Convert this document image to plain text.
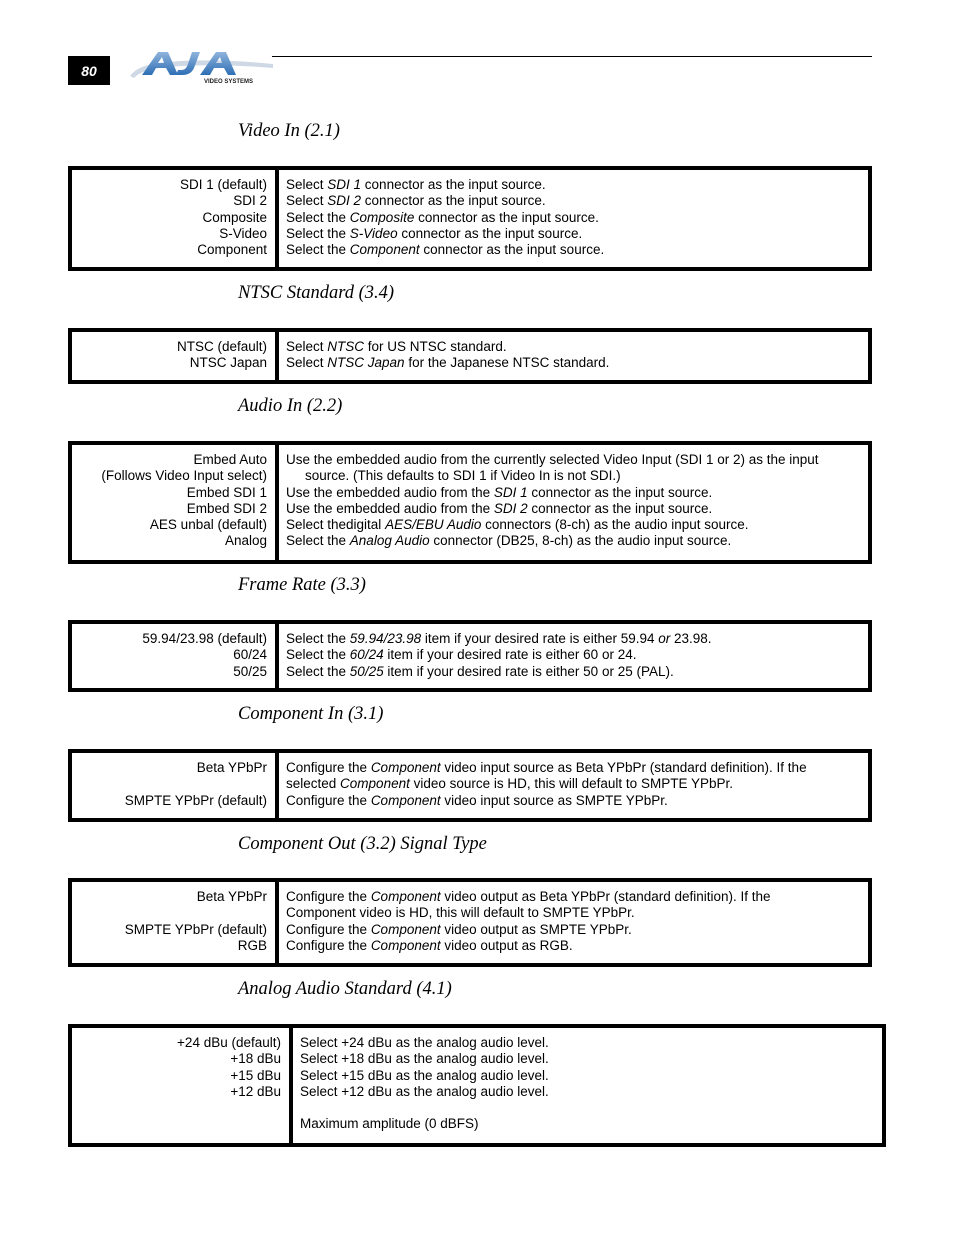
80
VIDEO SYSTEMS
Video In (2.1)
SDI 1 (default)
SDI 2
Composite
S-Video
Component
Select SDI 1 connector as the input source.
Select SDI 2 connector as the input source.
Select the Composite connector as the input source.
Select the S-Video connector as the input source.
Select the Component connector as the input source.
NTSC Standard (3.4)
NTSC (default)
NTSC Japan
Select NTSC for US NTSC standard.
Select NTSC Japan for the Japanese NTSC standard.
Audio In (2.2)
Embed Auto
(Follows Video Input select)
Embed SDI 1
Embed SDI 2
AES unbal (default)
Analog
Use the embedded audio from the currently selected Video Input (SDI 1 or 2) as the input
source. (This defaults to SDI 1 if Video In is not SDI.)
Use the embedded audio from the SDI 1 connector as the input source.
Use the embedded audio from the SDI 2 connector as the input source.
Select thedigital AES/EBU Audio connectors (8-ch) as the audio input source.
Select the Analog Audio connector (DB25, 8-ch) as the audio input source.
Frame Rate (3.3)
59.94/23.98 (default)
60/24
50/25
Select the 59.94/23.98 item if your desired rate is either 59.94 or 23.98.
Select the 60/24 item if your desired rate is either 60 or 24.
Select the 50/25 item if your desired rate is either 50 or 25 (PAL).
Component In (3.1)
Beta YPbPr

SMPTE YPbPr (default)
Configure the Component video input source as Beta YPbPr (standard definition). If the
selected Component video source is HD, this will default to SMPTE YPbPr.
Configure the Component video input source as SMPTE YPbPr.
Component Out (3.2) Signal Type
Beta YPbPr

SMPTE YPbPr (default)
RGB
Configure the Component video output as Beta YPbPr (standard definition). If the
Component video is HD, this will default to SMPTE YPbPr.
Configure the Component video output as SMPTE YPbPr.
Configure the Component video output as RGB.
Analog Audio Standard (4.1)
+24 dBu (default)
+18 dBu
+15 dBu
+12 dBu

Select +24 dBu as the analog audio level.
Select +18 dBu as the analog audio level.
Select +15 dBu as the analog audio level.
Select +12 dBu as the analog audio level.

Maximum amplitude (0 dBFS)
